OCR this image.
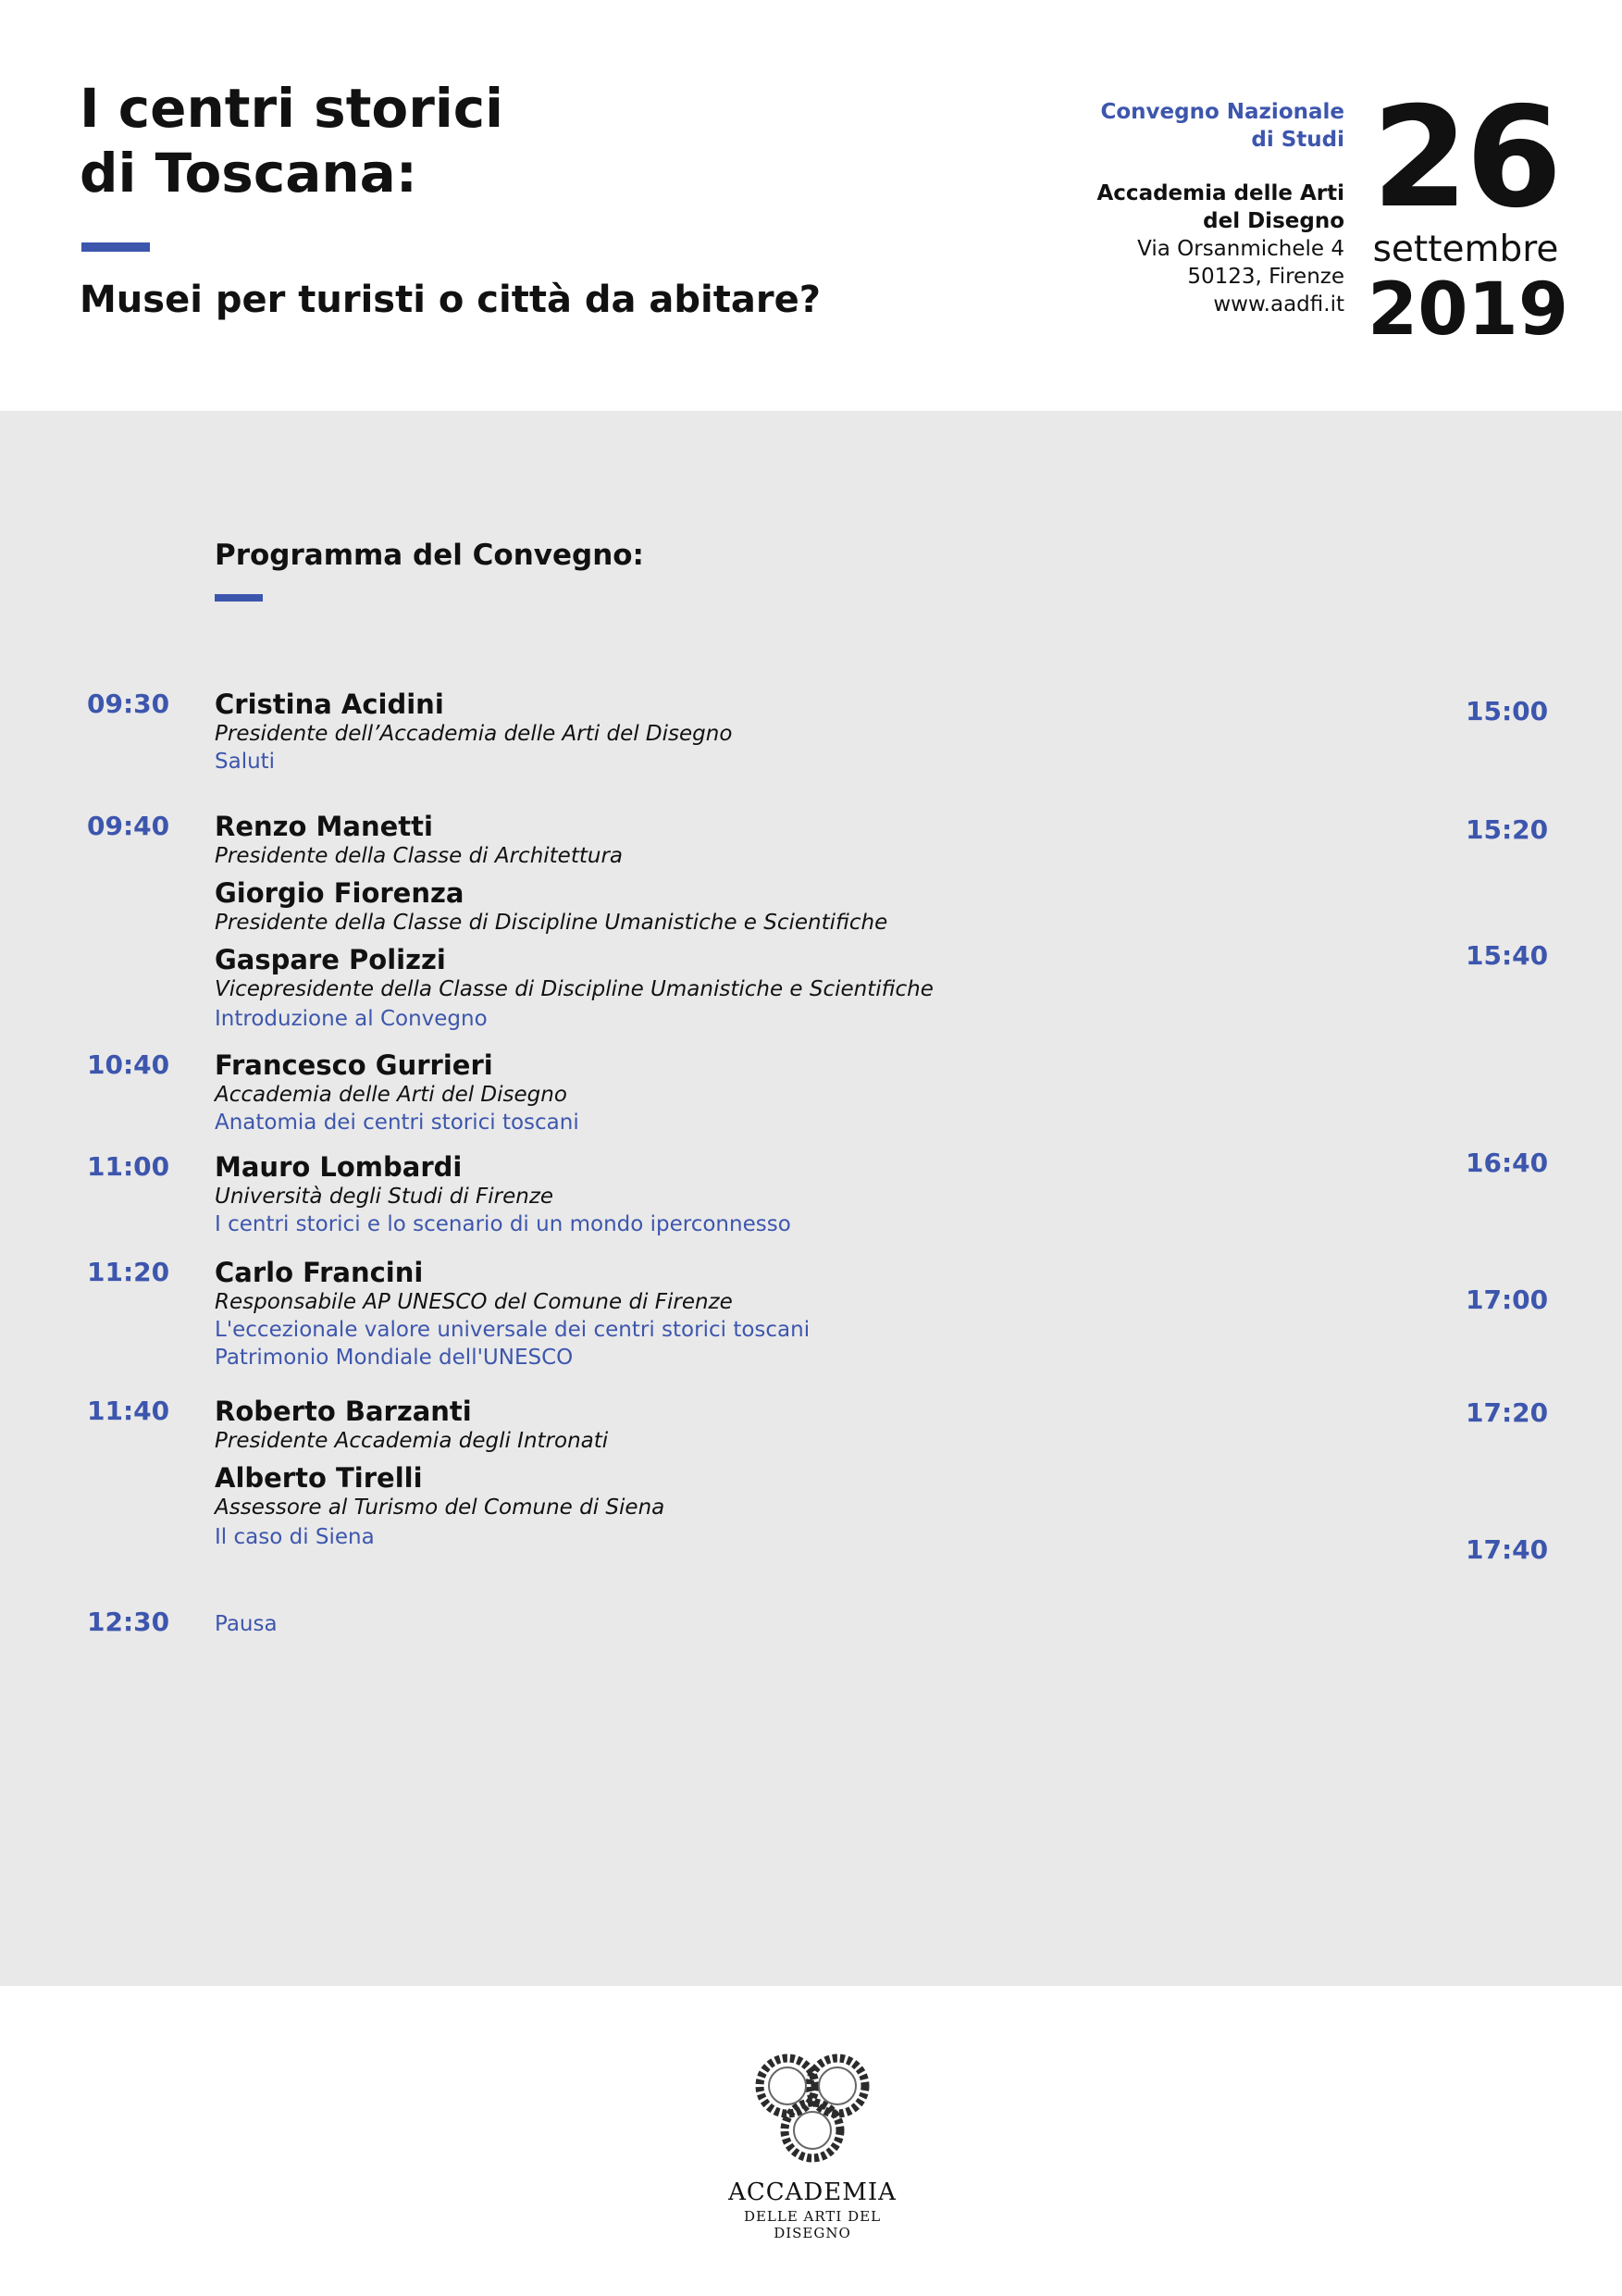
I centri storici
di Toscana:
Musei per turisti o città da abitare?
Convegno Nazionale
di Studi
Accademia delle Arti
del Disegno
Via Orsanmichele 4
50123, Firenze
www.aadfi.it
26
settembre
2019
Programma del Convegno:
17:40
09:30 Cristina Acidini
Presidente dell’Accademia delle Arti del Disegno
Saluti
09:40 Renzo Manetti
Presidente della Classe di Architettura
Giorgio Fiorenza
Presidente della Classe di Discipline Umanistiche e Scientifiche
Gaspare Polizzi
Vicepresidente della Classe di Discipline Umanistiche e Scientifiche
Introduzione al Convegno
10:40 Francesco Gurrieri
Accademia delle Arti del Disegno
Anatomia dei centri storici toscani
11:00 Mauro Lombardi
Università degli Studi di Firenze
I centri storici e lo scenario di un mondo iperconnesso
11:20 Carlo Francini
Responsabile AP UNESCO del Comune di Firenze
L'eccezionale valore universale dei centri storici toscani
Patrimonio Mondiale dell'UNESCO
11:40 Roberto Barzanti
Presidente Accademia degli Intronati
Alberto Tirelli
Assessore al Turismo del Comune di Siena
Il caso di Siena
12:30 Pausa
15:00
15:20
15:40
16:40
17:00
17:20
ACCADEMIA
DELLE ARTI DEL DISEGNO
